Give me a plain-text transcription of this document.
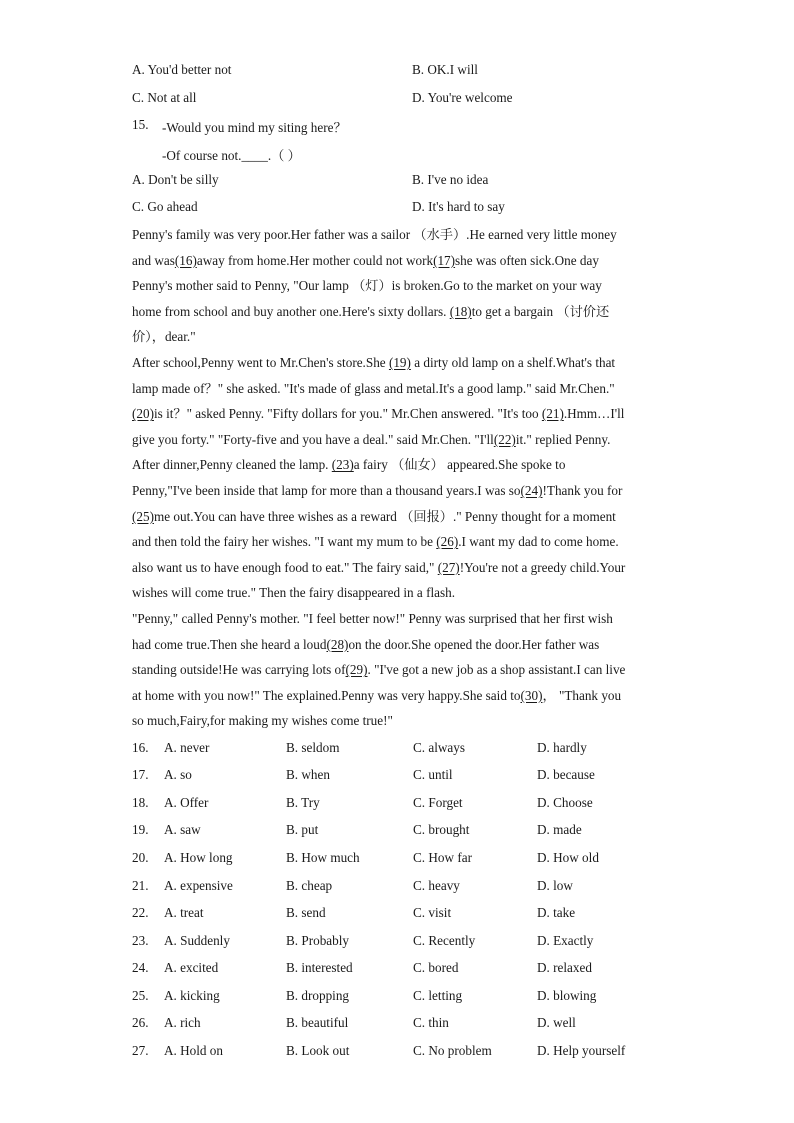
A. You'd better not	B. OK.I will
C. Not at all	D. You're welcome
15. -Would you mind my siting here？
-Of course not.____.（ ）
A. Don't be silly	B. I've no idea
C. Go ahead	D. It's hard to say
Penny's family was very poor.Her father was a sailor （水手）.He earned very little money
and was(16)away from home.Her mother could not work(17)she was often sick.One day
Penny's mother said to Penny, "Our lamp （灯）is broken.Go to the market on your way
home from school and buy another one.Here's sixty dollars. (18)to get a bargain （讨价还
价），dear."
After school,Penny went to Mr.Chen's store.She (19) a dirty old lamp on a shelf.What's that
lamp made of？" she asked. "It's made of glass and metal.It's a good lamp." said Mr.Chen."
(20)is it？" asked Penny. "Fifty dollars for you." Mr.Chen answered. "It's too (21).Hmm…I'll
give you forty." "Forty-five and you have a deal." said Mr.Chen. "I'll(22)it." replied Penny.
After dinner,Penny cleaned the lamp. (23)a fairy （仙女） appeared.She spoke to
Penny,"I've been inside that lamp for more than a thousand years.I was so(24)!Thank you for
(25)me out.You can have three wishes as a reward （回报）." Penny thought for a moment
and then told the fairy her wishes. "I want my mum to be (26).I want my dad to come home.
also want us to have enough food to eat." The fairy said," (27)!You're not a greedy child.Your
wishes will come true." Then the fairy disappeared in a flash.
"Penny," called Penny's mother. "I feel better now!" Penny was surprised that her first wish
had come true.Then she heard a loud(28)on the door.She opened the door.Her father was
standing outside!He was carrying lots of(29). "I've got a new job as a shop assistant.I can live
at home with you now!" The explained.Penny was very happy.She said to(30)， "Thank you
so much,Fairy,for making my wishes come true!"
16. A. never	B. seldom	C. always	D. hardly
17. A. so	B. when	C. until	D. because
18. A. Offer	B. Try	C. Forget	D. Choose
19. A. saw	B. put	C. brought	D. made
20. A. How long	B. How much	C. How far	D. How old
21. A. expensive	B. cheap	C. heavy	D. low
22. A. treat	B. send	C. visit	D. take
23. A. Suddenly	B. Probably	C. Recently	D. Exactly
24. A. excited	B. interested	C. bored	D. relaxed
25. A. kicking	B. dropping	C. letting	D. blowing
26. A. rich	B. beautiful	C. thin	D. well
27. A. Hold on	B. Look out	C. No problem	D. Help yourself
